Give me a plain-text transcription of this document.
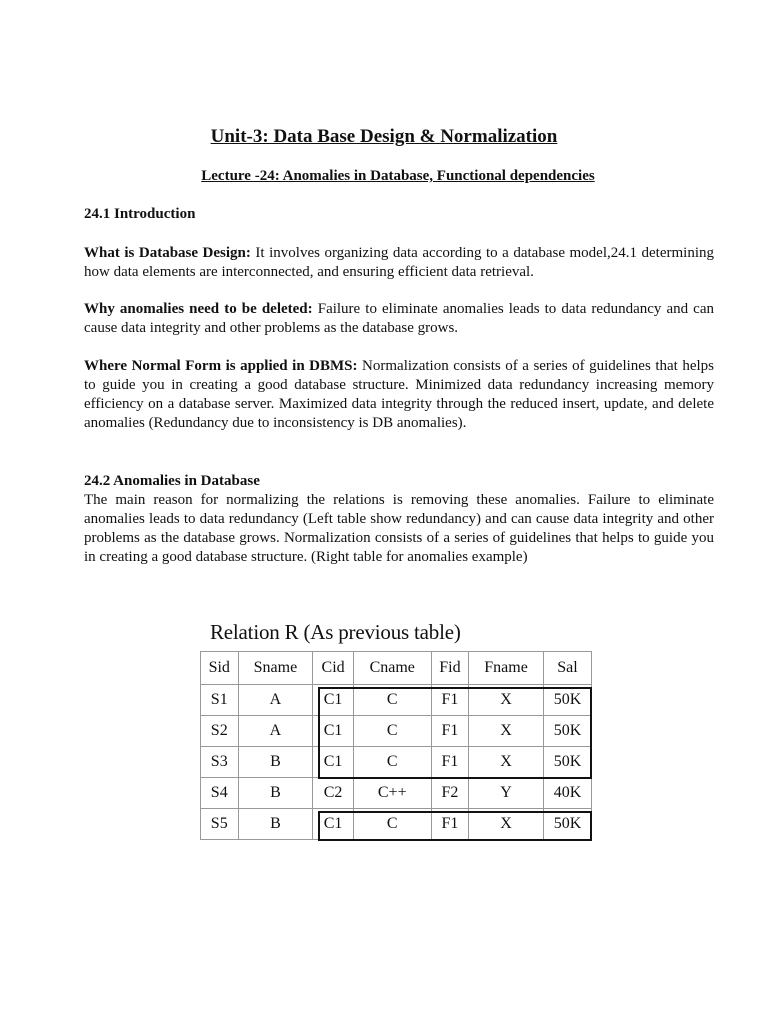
Unit-3: Data Base Design & Normalization
Lecture -24: Anomalies in Database, Functional dependencies
24.1 Introduction
What is Database Design: It involves organizing data according to a database model,24.1 determining how data elements are interconnected, and ensuring efficient data retrieval.
Why anomalies need to be deleted: Failure to eliminate anomalies leads to data redundancy and can cause data integrity and other problems as the database grows.
Where Normal Form is applied in DBMS: Normalization consists of a series of guidelines that helps to guide you in creating a good database structure. Minimized data redundancy increasing memory efficiency on a database server. Maximized data integrity through the reduced insert, update, and delete anomalies (Redundancy due to inconsistency is DB anomalies).
24.2 Anomalies in Database
The main reason for normalizing the relations is removing these anomalies. Failure to eliminate anomalies leads to data redundancy (Left table show redundancy) and can cause data integrity and other problems as the database grows. Normalization consists of a series of guidelines that helps to guide you in creating a good database structure. (Right table for anomalies example)
Relation R (As previous table)
Sid	Sname	Cid	Cname	Fid	Fname	Sal
S1	A	C1	C	F1	X	50K
S2	A	C1	C	F1	X	50K
S3	B	C1	C	F1	X	50K
S4	B	C2	C++	F2	Y	40K
S5	B	C1	C	F1	X	50K
